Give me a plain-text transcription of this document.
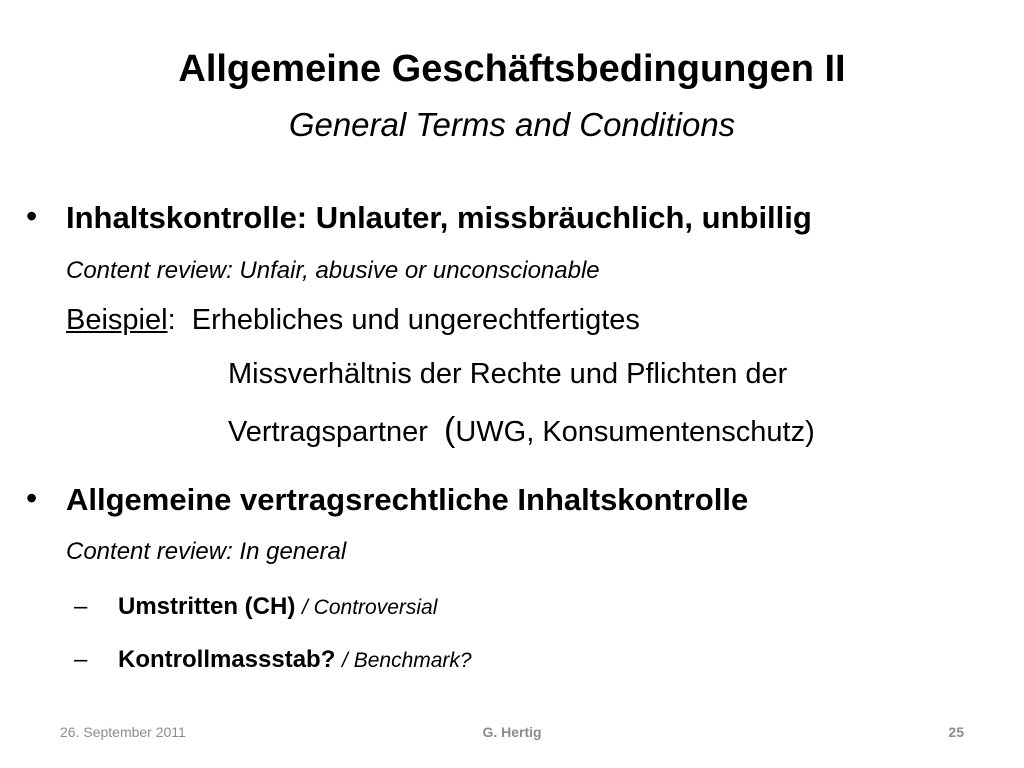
Allgemeine Geschäftsbedingungen II
General Terms and Conditions
• Inhaltskontrolle: Unlauter, missbräuchlich, unbillig
Content review: Unfair, abusive or unconscionable
Beispiel: Erhebliches und ungerechtfertigtes
Missverhältnis der Rechte und Pflichten der
Vertragspartner (UWG, Konsumentenschutz)
• Allgemeine vertragsrechtliche Inhaltskontrolle
Content review: In general
– Umstritten (CH) / Controversial
– Kontrollmassstab? / Benchmark?
26. September 2011	G. Hertig	25
